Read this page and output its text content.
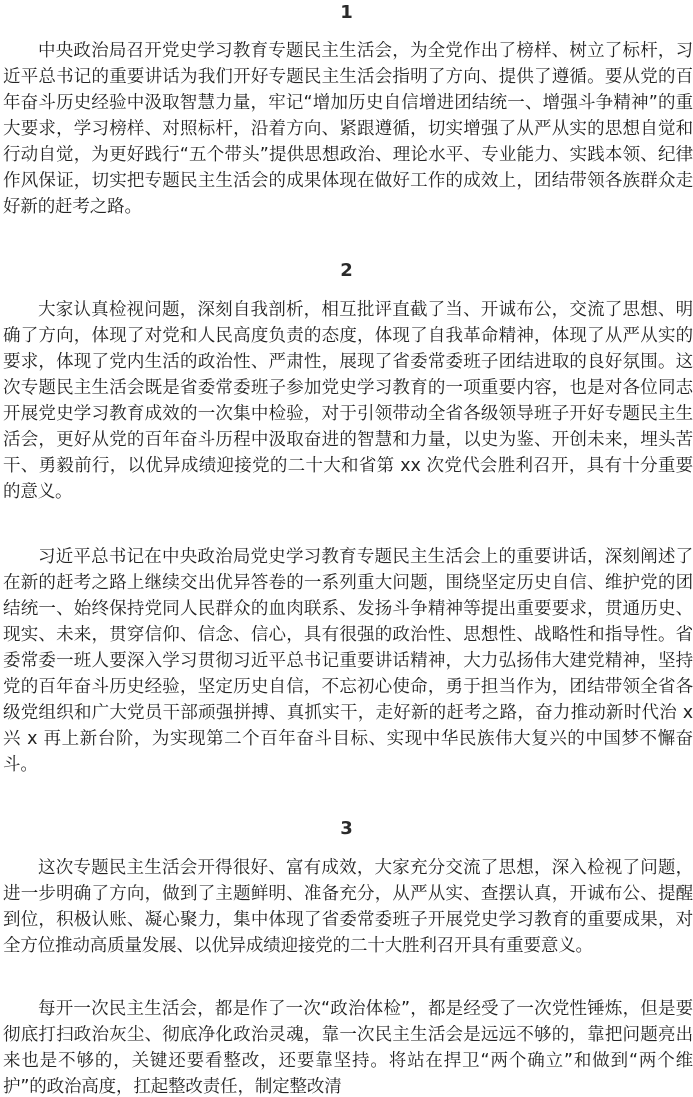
1

中央政治局召开党史学习教育专题民主生活会，为全党作出了榜样、树立了标杆，习近平总书记的重要讲话为我们开好专题民主生活会指明了方向、提供了遵循。要从党的百年奋斗历史经验中汲取智慧力量，牢记“增加历史自信增进团结统一、增强斗争精神”的重大要求，学习榜样、对照标杆，沿着方向、紧跟遵循，切实增强了从严从实的思想自觉和行动自觉，为更好践行“五个带头”提供思想政治、理论水平、专业能力、实践本领、纪律作风保证，切实把专题民主生活会的成果体现在做好工作的成效上，团结带领各族群众走好新的赶考之路。

2

大家认真检视问题，深刻自我剖析，相互批评直截了当、开诚布公，交流了思想、明确了方向，体现了对党和人民高度负责的态度，体现了自我革命精神，体现了从严从实的要求，体现了党内生活的政治性、严肃性，展现了省委常委班子团结进取的良好氛围。这次专题民主生活会既是省委常委班子参加党史学习教育的一项重要内容，也是对各位同志开展党史学习教育成效的一次集中检验，对于引领带动全省各级领导班子开好专题民主生活会，更好从党的百年奋斗历程中汲取奋进的智慧和力量，以史为鉴、开创未来，埋头苦干、勇毅前行，以优异成绩迎接党的二十大和省第 xx 次党代会胜利召开，具有十分重要的意义。

习近平总书记在中央政治局党史学习教育专题民主生活会上的重要讲话，深刻阐述了在新的赶考之路上继续交出优异答卷的一系列重大问题，围绕坚定历史自信、维护党的团结统一、始终保持党同人民群众的血肉联系、发扬斗争精神等提出重要要求，贯通历史、现实、未来，贯穿信仰、信念、信心，具有很强的政治性、思想性、战略性和指导性。省委常委一班人要深入学习贯彻习近平总书记重要讲话精神，大力弘扬伟大建党精神，坚持党的百年奋斗历史经验，坚定历史自信，不忘初心使命，勇于担当作为，团结带领全省各级党组织和广大党员干部顽强拼搏、真抓实干，走好新的赶考之路，奋力推动新时代治 x 兴 x 再上新台阶，为实现第二个百年奋斗目标、实现中华民族伟大复兴的中国梦不懈奋斗。

3

这次专题民主生活会开得很好、富有成效，大家充分交流了思想，深入检视了问题，进一步明确了方向，做到了主题鲜明、准备充分，从严从实、查摆认真，开诚布公、提醒到位，积极认账、凝心聚力，集中体现了省委常委班子开展党史学习教育的重要成果，对全方位推动高质量发展、以优异成绩迎接党的二十大胜利召开具有重要意义。

每开一次民主生活会，都是作了一次“政治体检”，都是经受了一次党性锤炼，但是要彻底打扫政治灰尘、彻底净化政治灵魂，靠一次民主生活会是远远不够的，靠把问题亮出来也是不够的，关键还要看整改，还要靠坚持。将站在捍卫“两个确立”和做到“两个维护”的政治高度，扛起整改责任，制定整改清
